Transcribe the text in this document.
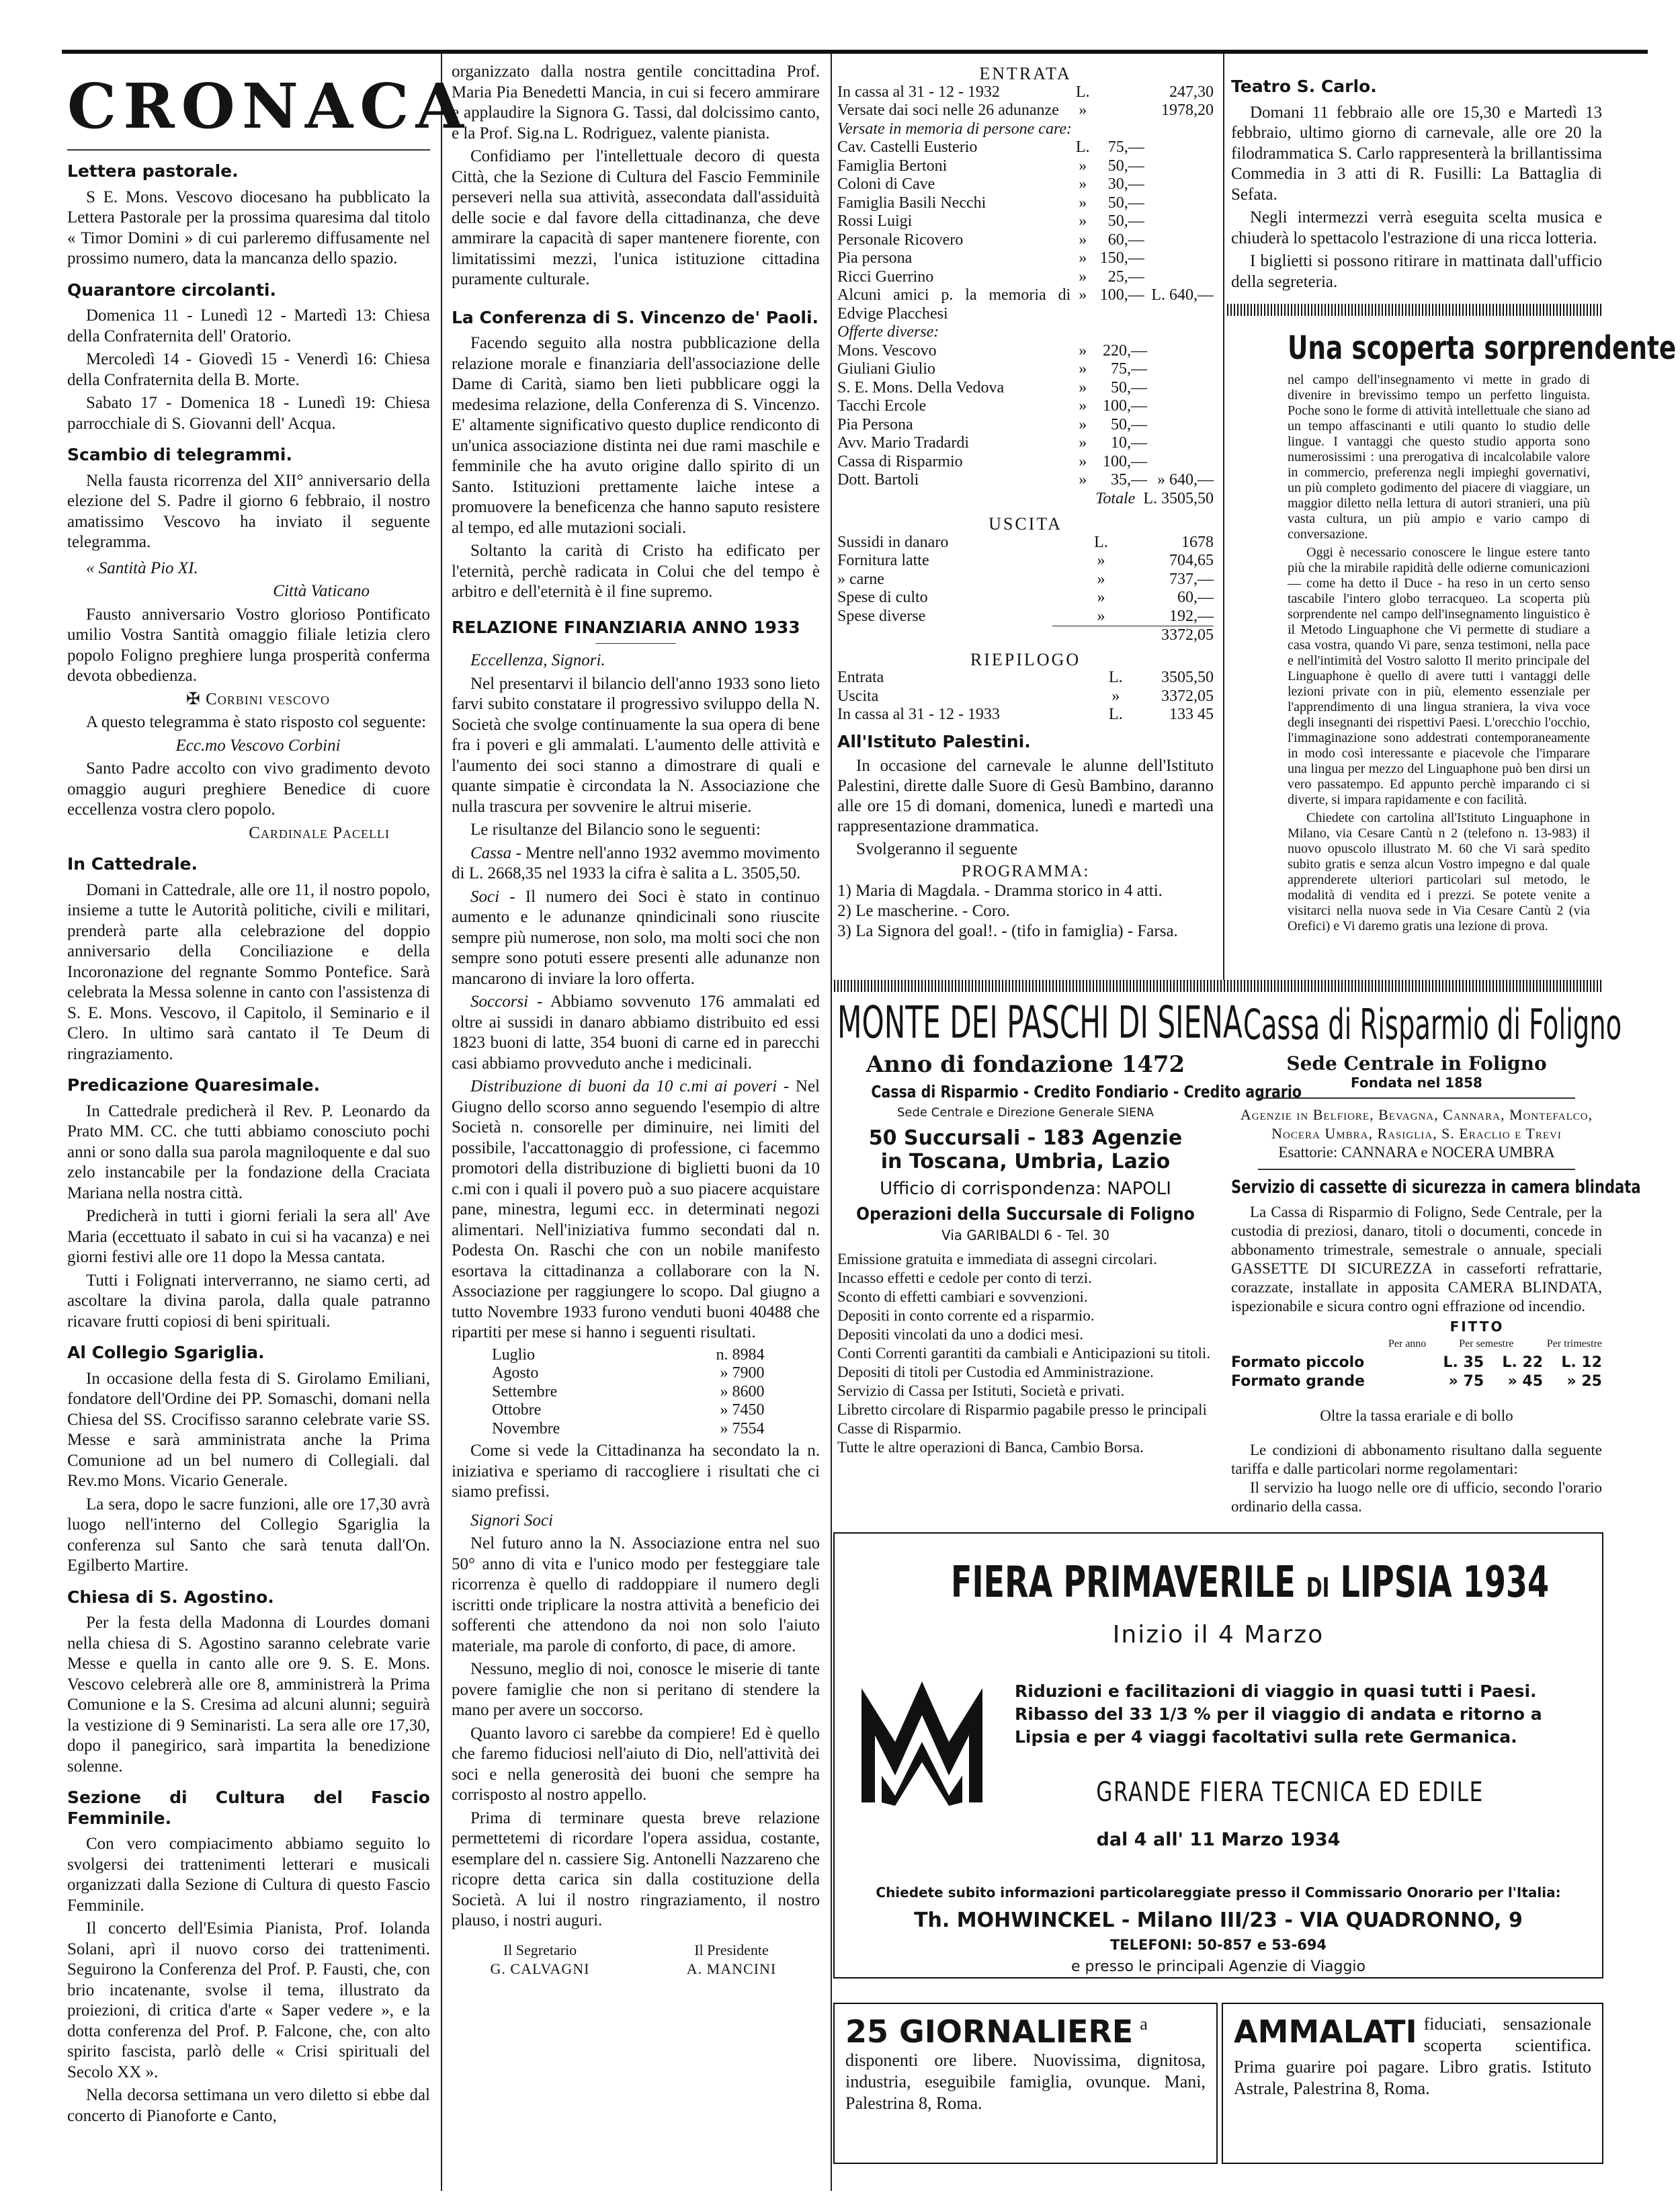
CRONACA
Lettera pastorale.

S E. Mons. Vescovo diocesano ha pubblicato la Lettera Pastorale per la prossima quaresima dal titolo « Timor Domini » di cui parleremo diffusamente nel prossimo numero, data la mancanza dello spazio.

Quarantore circolanti.

Domenica 11 - Lunedì 12 - Martedì 13: Chiesa della Confraternita dell' Oratorio.

Mercoledì 14 - Giovedì 15 - Venerdì 16: Chiesa della Confraternita della B. Morte.

Sabato 17 - Domenica 18 - Lunedì 19: Chiesa parrocchiale di S. Giovanni dell' Acqua.

Scambio di telegrammi.

Nella fausta ricorrenza del XII° anniversario della elezione del S. Padre il giorno 6 febbraio, il nostro amatissimo Vescovo ha inviato il seguente telegramma.

« Santità Pio XI.

Città Vaticano

Fausto anniversario Vostro glorioso Pontificato umilio Vostra Santità omaggio filiale letizia clero popolo Foligno preghiere lunga prosperità conferma devota obbedienza.

✠ Corbini vescovo

A questo telegramma è stato risposto col seguente:

Ecc.mo Vescovo Corbini

Santo Padre accolto con vivo gradimento devoto omaggio auguri preghiere Benedice di cuore eccellenza vostra clero popolo.

Cardinale Pacelli

In Cattedrale.

Domani in Cattedrale, alle ore 11, il nostro popolo, insieme a tutte le Autorità politiche, civili e militari, prenderà parte alla celebrazione del doppio anniversario della Conciliazione e della Incoronazione del regnante Sommo Pontefice. Sarà celebrata la Messa solenne in canto con l'assistenza di S. E. Mons. Vescovo, il Capitolo, il Seminario e il Clero. In ultimo sarà cantato il Te Deum di ringraziamento.

Predicazione Quaresimale.

In Cattedrale predicherà il Rev. P. Leonardo da Prato MM. CC. che tutti abbiamo conosciuto pochi anni or sono dalla sua parola magniloquente e dal suo zelo instancabile per la fondazione della Craciata Mariana nella nostra città.

Predicherà in tutti i giorni feriali la sera all' Ave Maria (eccettuato il sabato in cui si ha vacanza) e nei giorni festivi alle ore 11 dopo la Messa cantata.

Tutti i Folignati interverranno, ne siamo certi, ad ascoltare la divina parola, dalla quale patranno ricavare frutti copiosi di beni spirituali.

Al Collegio Sgariglia.

In occasione della festa di S. Girolamo Emiliani, fondatore dell'Ordine dei PP. Somaschi, domani nella Chiesa del SS. Crocifisso saranno celebrate varie SS. Messe e sarà amministrata anche la Prima Comunione ad un bel numero di Collegiali. dal Rev.mo Mons. Vicario Generale.

La sera, dopo le sacre funzioni, alle ore 17,30 avrà luogo nell'interno del Collegio Sgariglia la conferenza sul Santo che sarà tenuta dall'On. Egilberto Martire.

Chiesa di S. Agostino.

Per la festa della Madonna di Lourdes domani nella chiesa di S. Agostino saranno celebrate varie Messe e quella in canto alle ore 9. S. E. Mons. Vescovo celebrerà alle ore 8, amministrerà la Prima Comunione e la S. Cresima ad alcuni alunni; seguirà la vestizione di 9 Seminaristi. La sera alle ore 17,30, dopo il panegirico, sarà impartita la benedizione solenne.

Sezione di Cultura del Fascio Femminile.

Con vero compiacimento abbiamo seguito lo svolgersi dei trattenimenti letterari e musicali organizzati dalla Sezione di Cultura di questo Fascio Femminile.

Il concerto dell'Esimia Pianista, Prof. Iolanda Solani, aprì il nuovo corso dei trattenimenti. Seguirono la Conferenza del Prof. P. Fausti, che, con brio incatenante, svolse il tema, illustrato da proiezioni, di critica d'arte « Saper vedere », e la dotta conferenza del Prof. P. Falcone, che, con alto spirito fascista, parlò delle « Crisi spirituali del Secolo XX ».

Nella decorsa settimana un vero diletto si ebbe dal concerto di Pianoforte e Canto,

organizzato dalla nostra gentile concittadina Prof. Maria Pia Benedetti Mancia, in cui si fecero ammirare e applaudire la Signora G. Tassi, dal dolcissimo canto, e la Prof. Sig.na L. Rodriguez, valente pianista.

Confidiamo per l'intellettuale decoro di questa Città, che la Sezione di Cultura del Fascio Femminile perseveri nella sua attività, assecondata dall'assiduità delle socie e dal favore della cittadinanza, che deve ammirare la capacità di saper mantenere fiorente, con limitatissimi mezzi, l'unica istituzione cittadina puramente culturale.

La Conferenza di S. Vincenzo de' Paoli.

Facendo seguito alla nostra pubblicazione della relazione morale e finanziaria dell'associazione delle Dame di Carità, siamo ben lieti pubblicare oggi la medesima relazione, della Conferenza di S. Vincenzo. E' altamente significativo questo duplice rendiconto di un'unica associazione distinta nei due rami maschile e femminile che ha avuto origine dallo spirito di un Santo. Istituzioni prettamente laiche intese a promuovere la beneficenza che hanno saputo resistere al tempo, ed alle mutazioni sociali.

Soltanto la carità di Cristo ha edificato per l'eternità, perchè radicata in Colui che del tempo è arbitro e dell'eternità è il fine supremo.

RELAZIONE FINANZIARIA ANNO 1933

Eccellenza, Signori.

Nel presentarvi il bilancio dell'anno 1933 sono lieto farvi subito constatare il progressivo sviluppo della N. Società che svolge continuamente la sua opera di bene fra i poveri e gli ammalati. L'aumento delle attività e l'aumento dei soci stanno a dimostrare di quali e quante simpatie è circondata la N. Associazione che nulla trascura per sovvenire le altrui miserie.

Le risultanze del Bilancio sono le seguenti:

Cassa - Mentre nell'anno 1932 avemmo movimento di L. 2668,35 nel 1933 la cifra è salita a L. 3505,50.

Soci - Il numero dei Soci è stato in continuo aumento e le adunanze qnindicinali sono riuscite sempre più numerose, non solo, ma molti soci che non sempre sono potuti essere presenti alle adunanze non mancarono di inviare la loro offerta.

Soccorsi - Abbiamo sovvenuto 176 ammalati ed oltre ai sussidi in danaro abbiamo distribuito ed essi 1823 buoni di latte, 354 buoni di carne ed in parecchi casi abbiamo provveduto anche i medicinali.

Distribuzione di buoni da 10 c.mi ai poveri - Nel Giugno dello scorso anno seguendo l'esempio di altre Società n. consorelle per diminuire, nei limiti del possibile, l'accattonaggio di professione, ci facemmo promotori della distribuzione di biglietti buoni da 10 c.mi con i quali il povero può a suo piacere acquistare pane, minestra, legumi ecc. in determinati negozi alimentari. Nell'iniziativa fummo secondati dal n. Podesta On. Raschi che con un nobile manifesto esortava la cittadinanza a collaborare con la N. Associazione per raggiungere lo scopo. Dal giugno a tutto Novembre 1933 furono venduti buoni 40488 che ripartiti per mese si hanno i seguenti risultati.

Luglio	n. 8984
Agosto	» 7900
Settembre	» 8600
Ottobre	» 7450
Novembre	» 7554

Come si vede la Cittadinanza ha secondato la n. iniziativa e speriamo di raccogliere i risultati che ci siamo prefissi.

Signori Soci

Nel futuro anno la N. Associazione entra nel suo 50° anno di vita e l'unico modo per festeggiare tale ricorrenza è quello di raddoppiare il numero degli iscritti onde triplicare la nostra attività a beneficio dei sofferenti che attendono da noi non solo l'aiuto materiale, ma parole di conforto, di pace, di amore.

Nessuno, meglio di noi, conosce le miserie di tante povere famiglie che non si peritano di stendere la mano per avere un soccorso.

Quanto lavoro ci sarebbe da compiere! Ed è quello che faremo fiduciosi nell'aiuto di Dio, nell'attività dei soci e nella generosità dei buoni che sempre ha corrisposto al nostro appello.

Prima di terminare questa breve relazione permettetemi di ricordare l'opera assidua, costante, esemplare del n. cassiere Sig. Antonelli Nazzareno che ricopre detta carica sin dalla costituzione della Società. A lui il nostro ringraziamento, il nostro plauso, i nostri auguri.

Il Segretario
G. CALVAGNI
Il Presidente
A. MANCINI
ENTRATA
In cassa al 31 - 12 - 1932	L.		247,30
Versate dai soci nelle 26 adunanze	»		1978,20
Versate in memoria di persone care:
Cav. Castelli Eusterio	L.	75,—	
Famiglia Bertoni	»	50,—	
Coloni di Cave	»	30,—	
Famiglia Basili Necchi	»	50,—	
Rossi Luigi	»	50,—	
Personale Ricovero	»	60,—	
Pia persona	»	150,—	
Ricci Guerrino	»	25,—	
Alcuni amici p. la memoria di Edvige Placchesi	»	100,—	L. 640,—
Offerte diverse:
Mons. Vescovo	»	220,—	
Giuliani Giulio	»	75,—	
S. E. Mons. Della Vedova	»	50,—	
Tacchi Ercole	»	100,—	
Pia Persona	»	50,—	
Avv. Mario Tradardi	»	10,—	
Cassa di Risparmio	»	100,—	
Dott. Bartoli	»	35,—	» 640,—
Totale L. 3505,50
USCITA
Sussidi in danaro	L.	1678
Fornitura latte	»	704,65
» carne	»	737,—
Spese di culto	»	60,—
Spese diverse	»	192,—
3372,05
RIEPILOGO
Entrata	L.	3505,50
Uscita	»	3372,05
In cassa al 31 - 12 - 1933	L.	133 45
All'Istituto Palestini.

In occasione del carnevale le alunne dell'Istituto Palestini, dirette dalle Suore di Gesù Bambino, daranno alle ore 15 di domani, domenica, lunedì e martedì una rappresentazione drammatica.

Svolgeranno il seguente

PROGRAMMA:
1) Maria di Magdala. - Dramma storico in 4 atti.
2) Le mascherine. - Coro.
3) La Signora del goal!. - (tifo in famiglia) - Farsa.
Teatro S. Carlo.

Domani 11 febbraio alle ore 15,30 e Martedì 13 febbraio, ultimo giorno di carnevale, alle ore 20 la filodrammatica S. Carlo rappresenterà la brillantissima Commedia in 3 atti di R. Fusilli: La Battaglia di Sefata.

Negli intermezzi verrà eseguita scelta musica e chiuderà lo spettacolo l'estrazione di una ricca lotteria.

I biglietti si possono ritirare in mattinata dall'ufficio della segreteria.

Una scoperta sorprendente

nel campo dell'insegnamento vi mette in grado di divenire in brevissimo tempo un perfetto linguista. Poche sono le forme di attività intellettuale che siano ad un tempo affascinanti e utili quanto lo studio delle lingue. I vantaggi che questo studio apporta sono numerosissimi : una prerogativa di incalcolabile valore in commercio, preferenza negli impieghi governativi, un più completo godimento del piacere di viaggiare, un maggior diletto nella lettura di autori stranieri, una più vasta cultura, un più ampio e vario campo di conversazione.

Oggi è necessario conoscere le lingue estere tanto più che la mirabile rapidità delle odierne comunicazioni — come ha detto il Duce - ha reso in un certo senso tascabile l'intero globo terracqueo. La scoperta più sorprendente nel campo dell'insegnamento linguistico è il Metodo Linguaphone che Vi permette di studiare a casa vostra, quando Vi pare, senza testimoni, nella pace e nell'intimità del Vostro salotto Il merito principale del Linguaphone è quello di avere tutti i vantaggi delle lezioni private con in più, elemento essenziale per l'apprendimento di una lingua straniera, la viva voce degli insegnanti dei rispettivi Paesi. L'orecchio l'occhio, l'immaginazione sono addestrati contemporaneamente in modo così interessante e piacevole che l'imparare una lingua per mezzo del Linguaphone può ben dirsi un vero passatempo. Ed appunto perchè imparando ci si diverte, si impara rapidamente e con facilità.

Chiedete con cartolina all'Istituto Linguaphone in Milano, via Cesare Cantù n 2 (telefono n. 13-983) il nuovo opuscolo illustrato M. 60 che Vi sarà spedito subito gratis e senza alcun Vostro impegno e dal quale apprenderete ulteriori particolari sul metodo, le modalità di vendita ed i prezzi. Se potete venite a visitarci nella nuova sede in Via Cesare Cantù 2 (via Orefici) e Vi daremo gratis una lezione di prova.

MONTE DEI PASCHI DI SIENA
Anno di fondazione 1472
Cassa di Risparmio - Credito Fondiario - Credito agrario
Sede Centrale e Direzione Generale SIENA
50 Succursali - 183 Agenzie
in Toscana, Umbria, Lazio
Ufficio di corrispondenza: NAPOLI
Operazioni della Succursale di Foligno
Via GARIBALDI 6 - Tel. 30
Emissione gratuita e immediata di assegni circolari.
Incasso effetti e cedole per conto di terzi.
Sconto di effetti cambiari e sovvenzioni.
Depositi in conto corrente ed a risparmio.
Depositi vincolati da uno a dodici mesi.
Conti Correnti garantiti da cambiali e Anticipazioni su titoli.
Depositi di titoli per Custodia ed Amministrazione.
Servizio di Cassa per Istituti, Società e privati.
Libretto circolare di Risparmio pagabile presso le principali Casse di Risparmio.
Tutte le altre operazioni di Banca, Cambio Borsa.
Cassa di Risparmio di Foligno
Sede Centrale in Foligno
Fondata nel 1858
Agenzie in Belfiore, Bevagna, Cannara, Montefalco, Nocera Umbra, Rasiglia, S. Eraclio e Trevi
Esattorie: CANNARA e NOCERA UMBRA
Servizio di cassette di sicurezza in camera blindata

La Cassa di Risparmio di Foligno, Sede Centrale, per la custodia di preziosi, danaro, titoli o documenti, concede in abbonamento trimestrale, semestrale o annuale, speciali GASSETTE DI SICUREZZA in casseforti refrattarie, corazzate, installate in apposita CAMERA BLINDATA, ispezionabile e sicura contro ogni effrazione od incendio.

FITTO
	Per anno	Per semestre	Per trimestre
Formato piccolo	L. 35	L. 22	L. 12
Formato grande	» 75	» 45	» 25

Oltre la tassa erariale e di bollo

Le condizioni di abbonamento risultano dalla seguente tariffa e dalle particolari norme regolamentari:

Il servizio ha luogo nelle ore di ufficio, secondo l'orario ordinario della cassa.

FIERA PRIMAVERILE DI LIPSIA 1934
Inizio il 4 Marzo
Riduzioni e facilitazioni di viaggio in quasi tutti i Paesi. Ribasso del 33 1/3 % per il viaggio di andata e ritorno a Lipsia e per 4 viaggi facoltativi sulla rete Germanica.
GRANDE FIERA TECNICA ED EDILE
dal 4 all' 11 Marzo 1934
Chiedete subito informazioni particolareggiate presso il Commissario Onorario per l'Italia:
Th. MOHWINCKEL - Milano III/23 - VIA QUADRONNO, 9
TELEFONI: 50-857 e 53-694
e presso le principali Agenzie di Viaggio
25 GIORNALIERE a disponenti ore libere. Nuovissima, dignitosa, industria, eseguibile famiglia, ovunque. Mani, Palestrina 8, Roma.
AMMALATI fiduciati, sensazionale scoperta scientifica. Prima guarire poi pagare. Libro gratis. Istituto Astrale, Palestrina 8, Roma.
